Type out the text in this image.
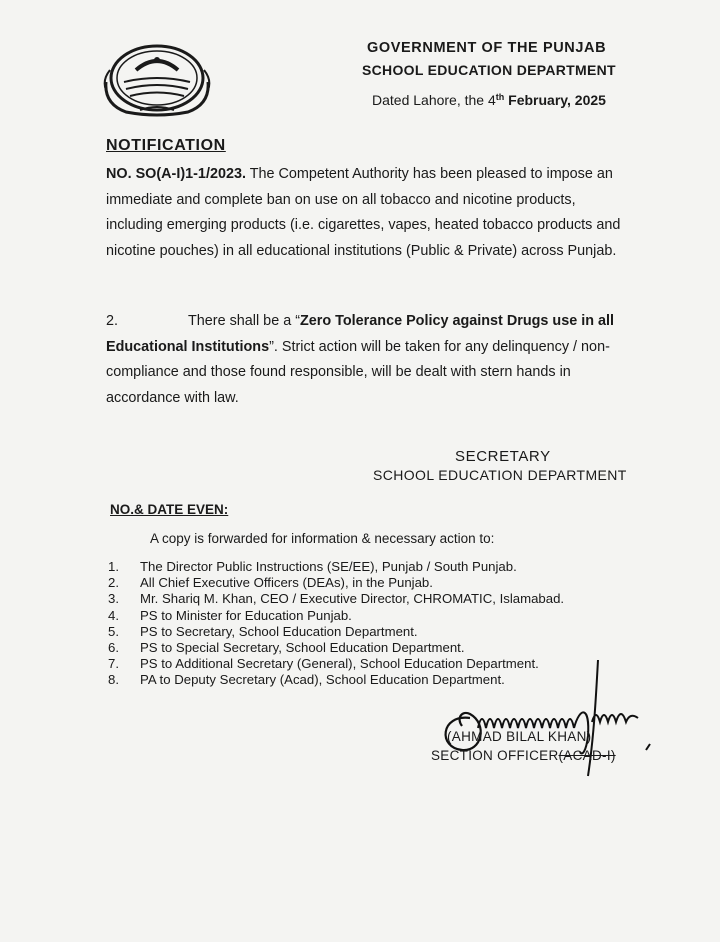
GOVERNMENT OF THE PUNJAB
SCHOOL EDUCATION DEPARTMENT
Dated Lahore, the 4th February, 2025
NOTIFICATION
NO. SO(A-I)1-1/2023. The Competent Authority has been pleased to impose an immediate and complete ban on use on all tobacco and nicotine products, including emerging products (i.e. cigarettes, vapes, heated tobacco products and nicotine pouches) in all educational institutions (Public & Private) across Punjab.
2.	There shall be a “Zero Tolerance Policy against Drugs use in all Educational Institutions”. Strict action will be taken for any delinquency / non-compliance and those found responsible, will be dealt with stern hands in accordance with law.
SECRETARY
SCHOOL EDUCATION DEPARTMENT
NO.& DATE EVEN:
A copy is forwarded for information & necessary action to:
1. The Director Public Instructions (SE/EE), Punjab / South Punjab.
2. All Chief Executive Officers (DEAs), in the Punjab.
3. Mr. Shariq M. Khan, CEO / Executive Director, CHROMATIC, Islamabad.
4. PS to Minister for Education Punjab.
5. PS to Secretary, School Education Department.
6. PS to Special Secretary, School Education Department.
7. PS to Additional Secretary (General), School Education Department.
8. PA to Deputy Secretary (Acad), School Education Department.
(AHMAD BILAL KHAN)
SECTION OFFICER(ACAD-I)
